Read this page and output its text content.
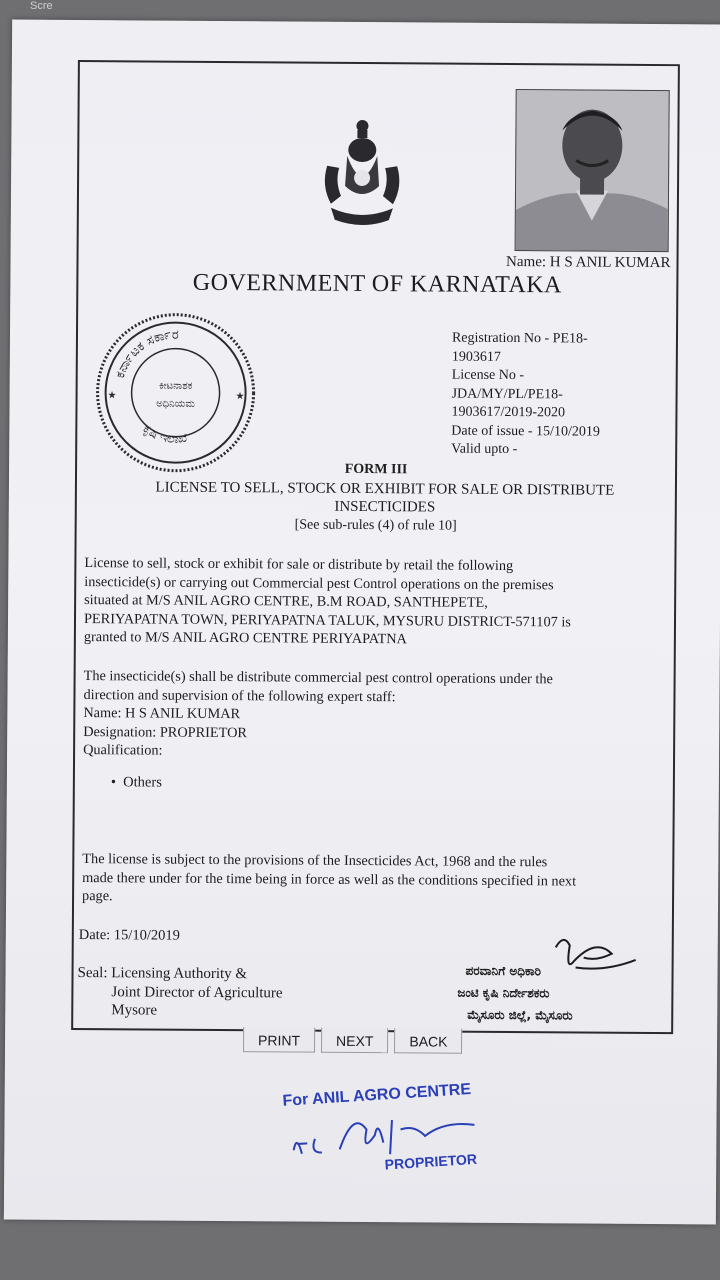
Scre
Name: H S ANIL KUMAR
GOVERNMENT OF KARNATAKA
ಕರ್ನಾಟಕ ಸರ್ಕಾರ
ಕೃಷಿ ಇಲಾಖೆ
ಕೀಟನಾಶಕ
ಅಧಿನಿಯಮ
★	★
Registration No - PE18-
1903617
License No -
JDA/MY/PL/PE18-
1903617/2019-2020
Date of issue - 15/10/2019
Valid upto -
FORM III
LICENSE TO SELL, STOCK OR EXHIBIT FOR SALE OR DISTRIBUTE
INSECTICIDES
[See sub-rules (4) of rule 10]
License to sell, stock or exhibit for sale or distribute by retail the following
insecticide(s) or carrying out Commercial pest Control operations on the premises
situated at M/S ANIL AGRO CENTRE, B.M ROAD, SANTHEPETE,
PERIYAPATNA TOWN, PERIYAPATNA TALUK, MYSURU DISTRICT-571107 is
granted to M/S ANIL AGRO CENTRE PERIYAPATNA
The insecticide(s) shall be distribute commercial pest control operations under the
direction and supervision of the following expert staff:
Name: H S ANIL KUMAR
Designation: PROPRIETOR
Qualification:
•  Others
The license is subject to the provisions of the Insecticides Act, 1968 and the rules
made there under for the time being in force as well as the conditions specified in next
page.
Date: 15/10/2019
Seal: Licensing Authority &
Joint Director of Agriculture
Mysore
ಪರವಾನಿಗೆ ಅಧಿಕಾರಿ
ಜಂಟಿ ಕೃಷಿ ನಿರ್ದೇಶಕರು
ಮೈಸೂರು ಜಿಲ್ಲೆ, ಮೈಸೂರು
PRINT	NEXT	BACK
For ANIL AGRO CENTRE
PROPRIETOR
